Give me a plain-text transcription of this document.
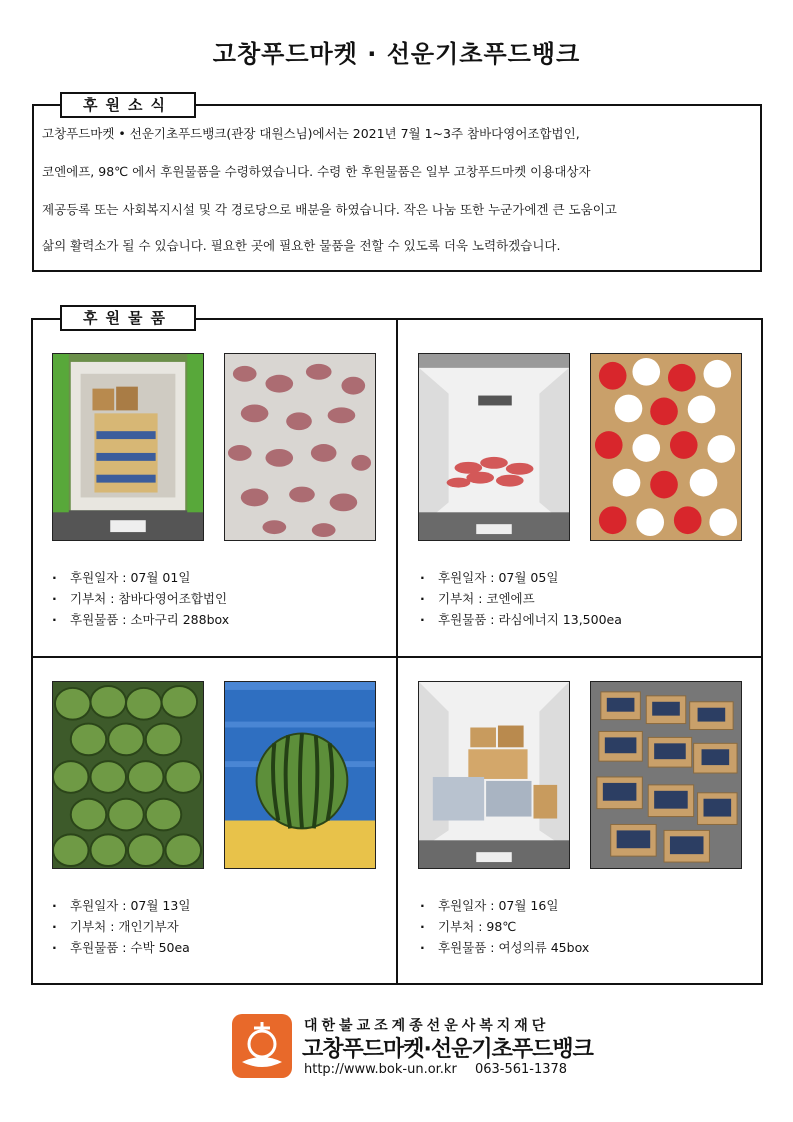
고창푸드마켓 · 선운기초푸드뱅크
후원소식
고창푸드마켓 • 선운기초푸드뱅크(관장 대원스님)에서는 2021년 7월 1~3주 참바다영어조합법인,
코엔에프, 98℃ 에서 후원물품을 수령하였습니다. 수령 한 후원물품은 일부 고창푸드마켓 이용대상자
제공등록 또는 사회복지시설 및 각 경로당으로 배분을 하였습니다. 작은 나눔 또한 누군가에겐 큰 도움이고
삶의 활력소가 될 수 있습니다. 필요한 곳에 필요한 물품을 전할 수 있도록 더욱 노력하겠습니다.
후원물품
· 후원일자 : 07월 01일
· 기부처 : 참바다영어조합법인
· 후원물품 : 소마구리 288box
· 후원일자 : 07월 05일
· 기부처 : 코엔에프
· 후원물품 : 라심에너지 13,500ea
· 후원일자 : 07월 13일
· 기부처 : 개인기부자
· 후원물품 : 수박 50ea
· 후원일자 : 07월 16일
· 기부처 : 98℃
· 후원물품 : 여성의류 45box
대한불교조계종선운사복지재단
고창푸드마켓·선운기초푸드뱅크
http://www.bok-un.or.kr 063-561-1378
